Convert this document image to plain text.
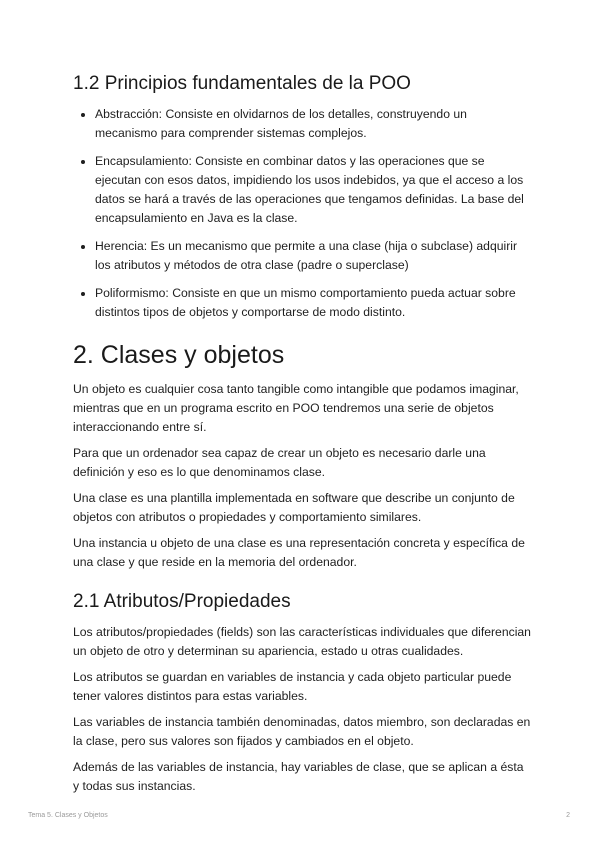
1.2 Principios fundamentales de la POO
• Abstracción: Consiste en olvidarnos de los detalles, construyendo un mecanismo para comprender sistemas complejos.
• Encapsulamiento: Consiste en combinar datos y las operaciones que se ejecutan con esos datos, impidiendo los usos indebidos, ya que el acceso a los datos se hará a través de las operaciones que tengamos definidas. La base del encapsulamiento en Java es la clase.
• Herencia: Es un mecanismo que permite a una clase (hija o subclase) adquirir los atributos y métodos de otra clase (padre o superclase)
• Poliformismo: Consiste en que un mismo comportamiento pueda actuar sobre distintos tipos de objetos y comportarse de modo distinto.
2. Clases y objetos

Un objeto es cualquier cosa tanto tangible como intangible que podamos imaginar, mientras que en un programa escrito en POO tendremos una serie de objetos interaccionando entre sí.

Para que un ordenador sea capaz de crear un objeto es necesario darle una definición y eso es lo que denominamos clase.

Una clase es una plantilla implementada en software que describe un conjunto de objetos con atributos o propiedades y comportamiento similares.

Una instancia u objeto de una clase es una representación concreta y específica de una clase y que reside en la memoria del ordenador.

2.1 Atributos/Propiedades

Los atributos/propiedades (fields) son las características individuales que diferencian un objeto de otro y determinan su apariencia, estado u otras cualidades.

Los atributos se guardan en variables de instancia y cada objeto particular puede tener valores distintos para estas variables.

Las variables de instancia también denominadas, datos miembro, son declaradas en la clase, pero sus valores son fijados y cambiados en el objeto.

Además de las variables de instancia, hay variables de clase, que se aplican a ésta y todas sus instancias.

Tema 5. Clases y Objetos	2
